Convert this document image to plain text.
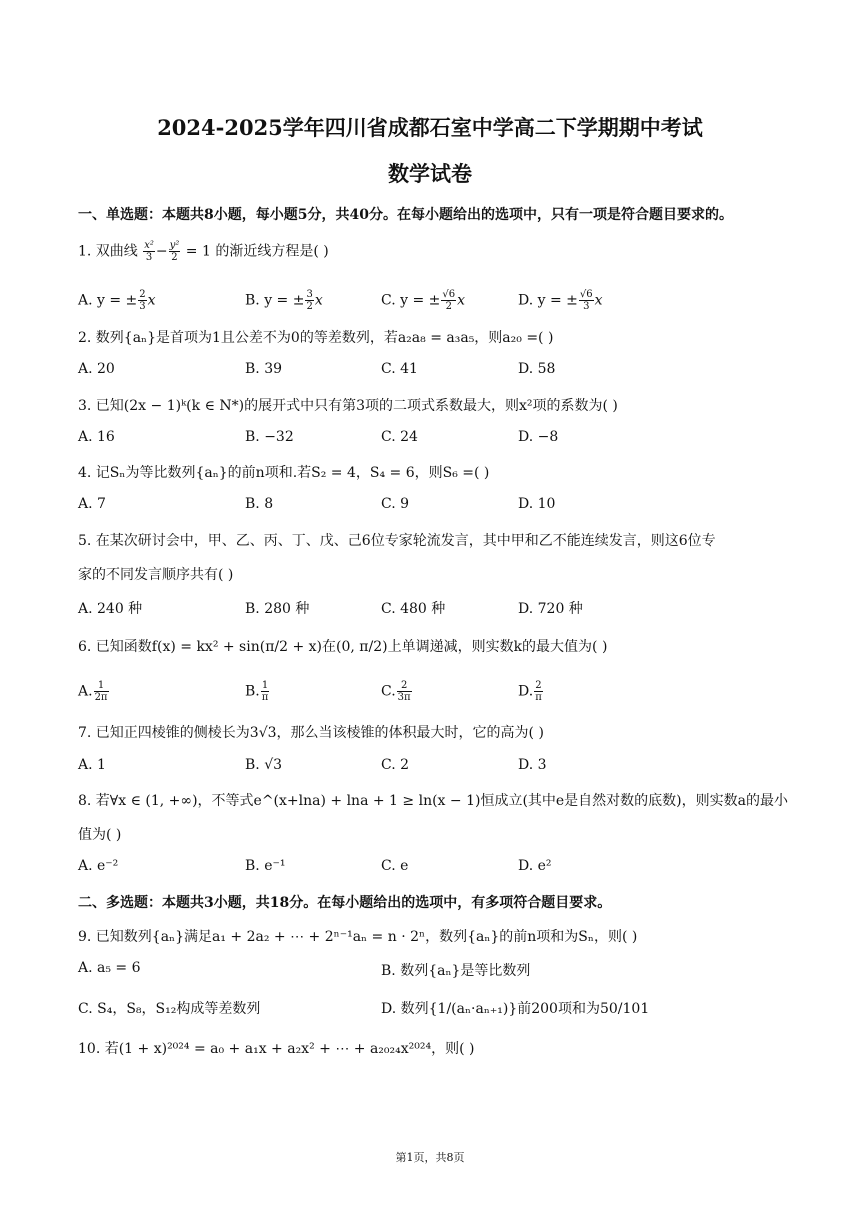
2024-2025学年四川省成都石室中学高二下学期期中考试
数学试卷
一、单选题：本题共8小题，每小题5分，共40分。在每小题给出的选项中，只有一项是符合题目要求的。
1. 双曲线 $\frac{\text{x²}}{3} - \frac{\text{y²}}{2} = 1$ 的渐近线方程是( )
A. y = ± $\frac{2}{3}$ x	B. y = ± $\frac{3}{2}$ x	C. y = ± $\frac{√6}{2}$ x	D. y = ± $\frac{√6}{3}$ x
2. 数列{aₙ}是首项为1且公差不为0的等差数列，若a₂a₈ = a₃a₅，则a₂₀ =( )
A. 20	B. 39	C. 41	D. 58
3. 已知(2x − 1)ᵏ(k ∈ N*)的展开式中只有第3项的二项式系数最大，则x²项的系数为( )
A. 16	B. −32	C. 24	D. −8
4. 记Sₙ为等比数列{aₙ}的前n项和.若S₂ = 4，S₄ = 6，则S₆ =( )
A. 7	B. 8	C. 9	D. 10
5. 在某次研讨会中，甲、乙、丙、丁、戊、己6位专家轮流发言，其中甲和乙不能连续发言，则这6位专
家的不同发言顺序共有( )
A. 240 种	B. 280 种	C. 480 种	D. 720 种
6. 已知函数f(x) = kx² + sin(π/2 + x)在(0, π/2)上单调递减，则实数k的最大值为( )
A. $\frac{1}{2\pi}$	B. $\frac{1}{\pi}$	C. $\frac{2}{3\pi}$	D. $\frac{2}{\pi}$
7. 已知正四棱锥的侧棱长为3√3，那么当该棱锥的体积最大时，它的高为( )
A. 1	B. √3	C. 2	D. 3
8. 若∀x ∈ (1, +∞)，不等式e^(x+lna) + lna + 1 ≥ ln(x − 1)恒成立(其中e是自然对数的底数)，则实数a的最小
值为( )
A. e⁻²	B. e⁻¹	C. e	D. e²
二、多选题：本题共3小题，共18分。在每小题给出的选项中，有多项符合题目要求。
9. 已知数列{aₙ}满足a₁ + 2a₂ + ⋯ + 2ⁿ⁻¹aₙ = n · 2ⁿ，数列{aₙ}的前n项和为Sₙ，则( )
A. a₅ = 6	B. 数列{aₙ}是等比数列
C. S₄，S₈，S₁₂构成等差数列	D. 数列{1/(aₙ·aₙ₊₁)}前200项和为50/101
10. 若(1 + x)²⁰²⁴ = a₀ + a₁x + a₂x² + ⋯ + a₂₀₂₄x²⁰²⁴，则( )
第1页，共8页
